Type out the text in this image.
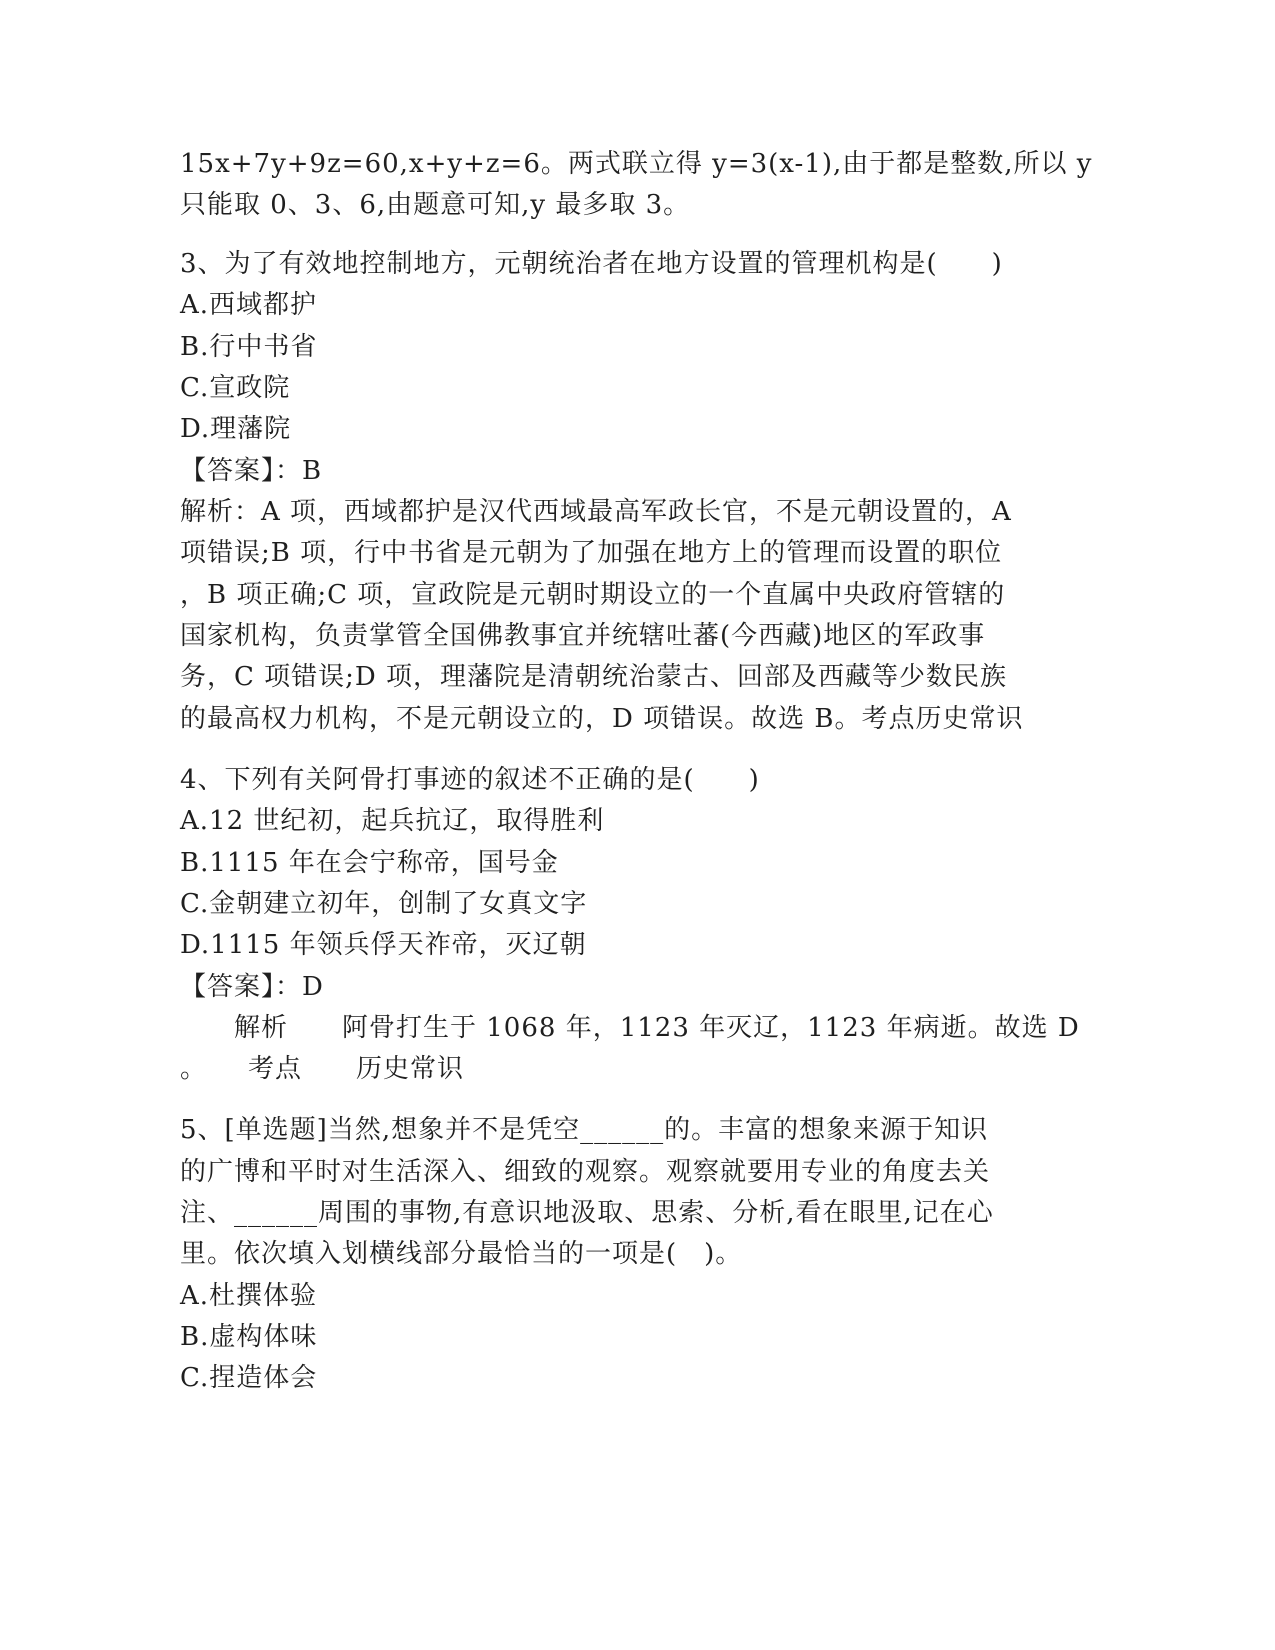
15x+7y+9z=60,x+y+z=6。两式联立得 y=3(x-1),由于都是整数,所以 y
只能取 0、3、6,由题意可知,y 最多取 3。
3、为了有效地控制地方，元朝统治者在地方设置的管理机构是(　　)
A.西域都护
B.行中书省
C.宣政院
D.理藩院
【答案】：B
解析：A 项，西域都护是汉代西域最高军政长官，不是元朝设置的，A
项错误;B 项，行中书省是元朝为了加强在地方上的管理而设置的职位
，B 项正确;C 项，宣政院是元朝时期设立的一个直属中央政府管辖的
国家机构，负责掌管全国佛教事宜并统辖吐蕃(今西藏)地区的军政事
务，C 项错误;D 项，理藩院是清朝统治蒙古、回部及西藏等少数民族
的最高权力机构，不是元朝设立的，D 项错误。故选 B。考点历史常识
4、下列有关阿骨打事迹的叙述不正确的是(　　)
A.12 世纪初，起兵抗辽，取得胜利
B.1115 年在会宁称帝，国号金
C.金朝建立初年，创制了女真文字
D.1115 年领兵俘天祚帝，灭辽朝
【答案】：D
　　解析　　阿骨打生于 1068 年，1123 年灭辽，1123 年病逝。故选 D
。　　考点　　历史常识
5、[单选题]当然,想象并不是凭空______的。丰富的想象来源于知识
的广博和平时对生活深入、细致的观察。观察就要用专业的角度去关
注、______周围的事物,有意识地汲取、思索、分析,看在眼里,记在心
里。依次填入划横线部分最恰当的一项是(　)。
A.杜撰体验
B.虚构体味
C.捏造体会
